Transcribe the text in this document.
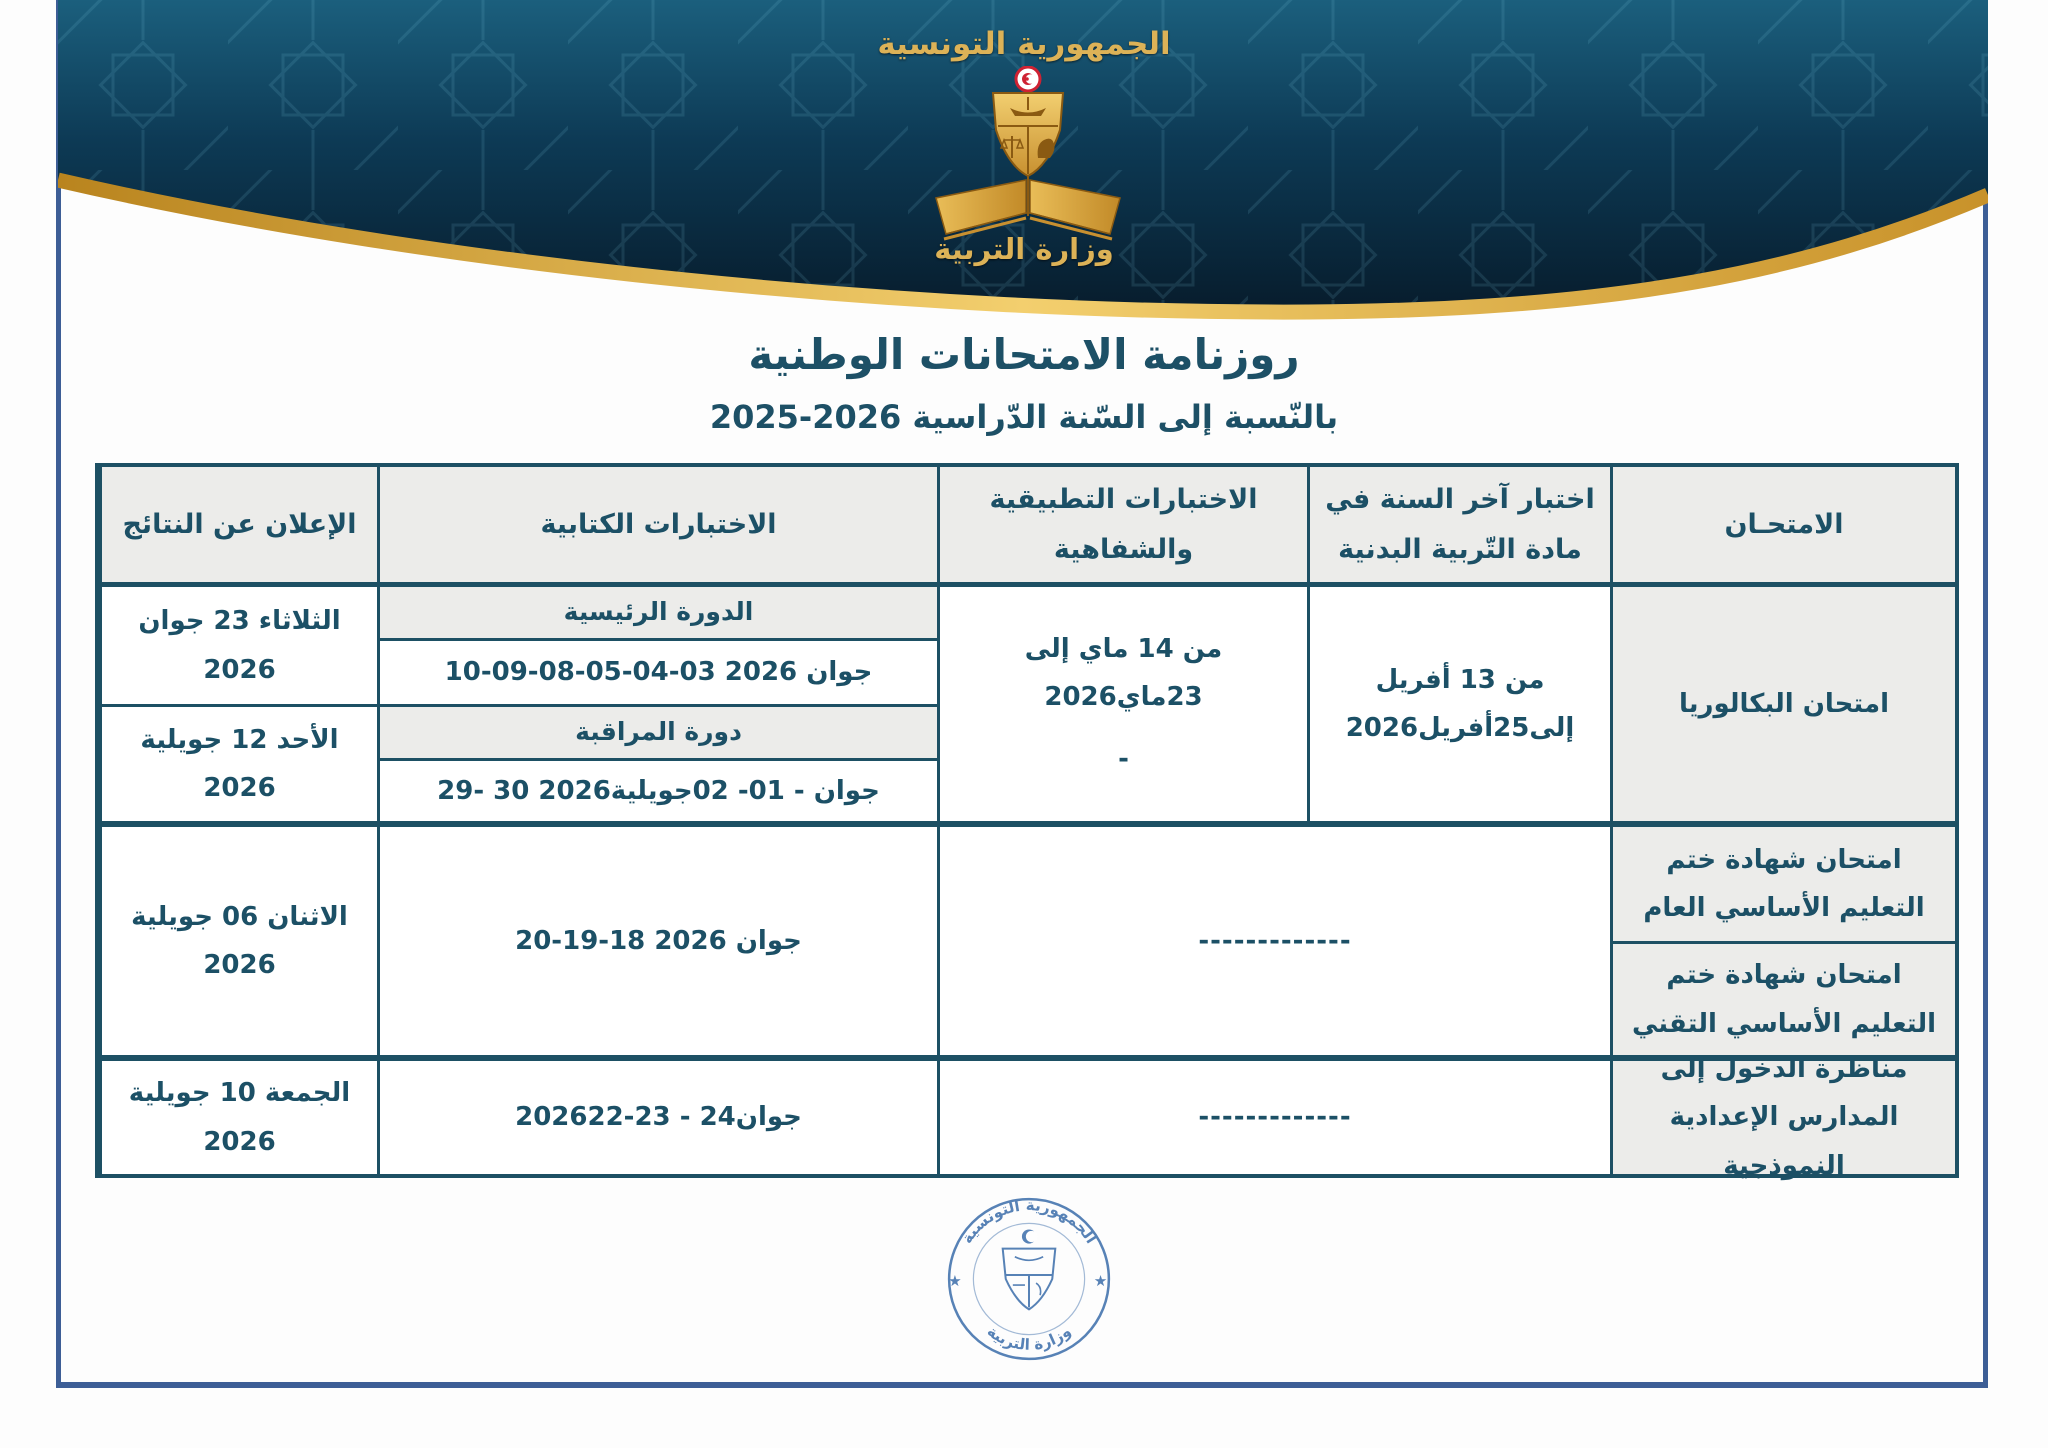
الجمهورية التونسية
وزارة التربية
روزنامة الامتحانات الوطنية
بالنّسبة إلى السّنة الدّراسية 2026-2025
الامتحـان
اختبار آخر السنة في
مادة التّربية البدنية
الاختبارات التطبيقية
والشفاهية
الاختبارات الكتابية
الإعلان عن النتائج
امتحان البكالوريا
من 13 أفريل
إلى25أفريل2026
من 14 ماي إلى 23ماي2026
-
الدورة الرئيسية
10-09-08-05-04-03 جوان 2026
دورة المراقبة
29- 30 جوان - 01- 02جويلية2026
الثلاثاء 23 جوان 2026
الأحد 12 جويلية 2026
امتحان شهادة ختم التعليم الأساسي العام
امتحان شهادة ختم التعليم الأساسي التقني
-------------
20-19-18 جوان 2026
الاثنان 06 جويلية 2026
مناظرة الدخول إلى المدارس الإعدادية النموذجية
-------------
2026جوان24 - 23-22
الجمعة 10 جويلية 2026
الجمهورية التونسية
وزارة التربية
★	★
